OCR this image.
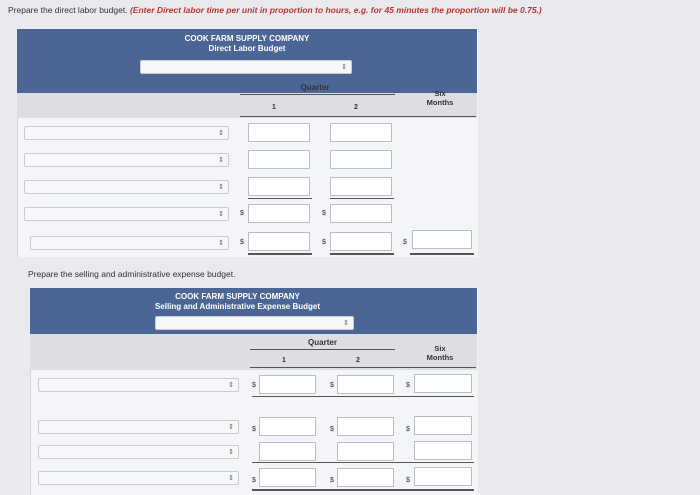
Prepare the direct labor budget. (Enter Direct labor time per unit in proportion to hours, e.g. for 45 minutes the proportion will be 0.75.)
COOK FARM SUPPLY COMPANY
Direct Labor Budget
⇕
Quarter
1	2
Six
Months
⇕
⇕
⇕
⇕ $	$
⇕ $	$	$
Prepare the selling and administrative expense budget.
COOK FARM SUPPLY COMPANY
Selling and Administrative Expense Budget
⇕
Quarter
1	2
Six
Months
⇕	$	$	$
⇕	$	$	$
⇕
⇕	$	$	$
